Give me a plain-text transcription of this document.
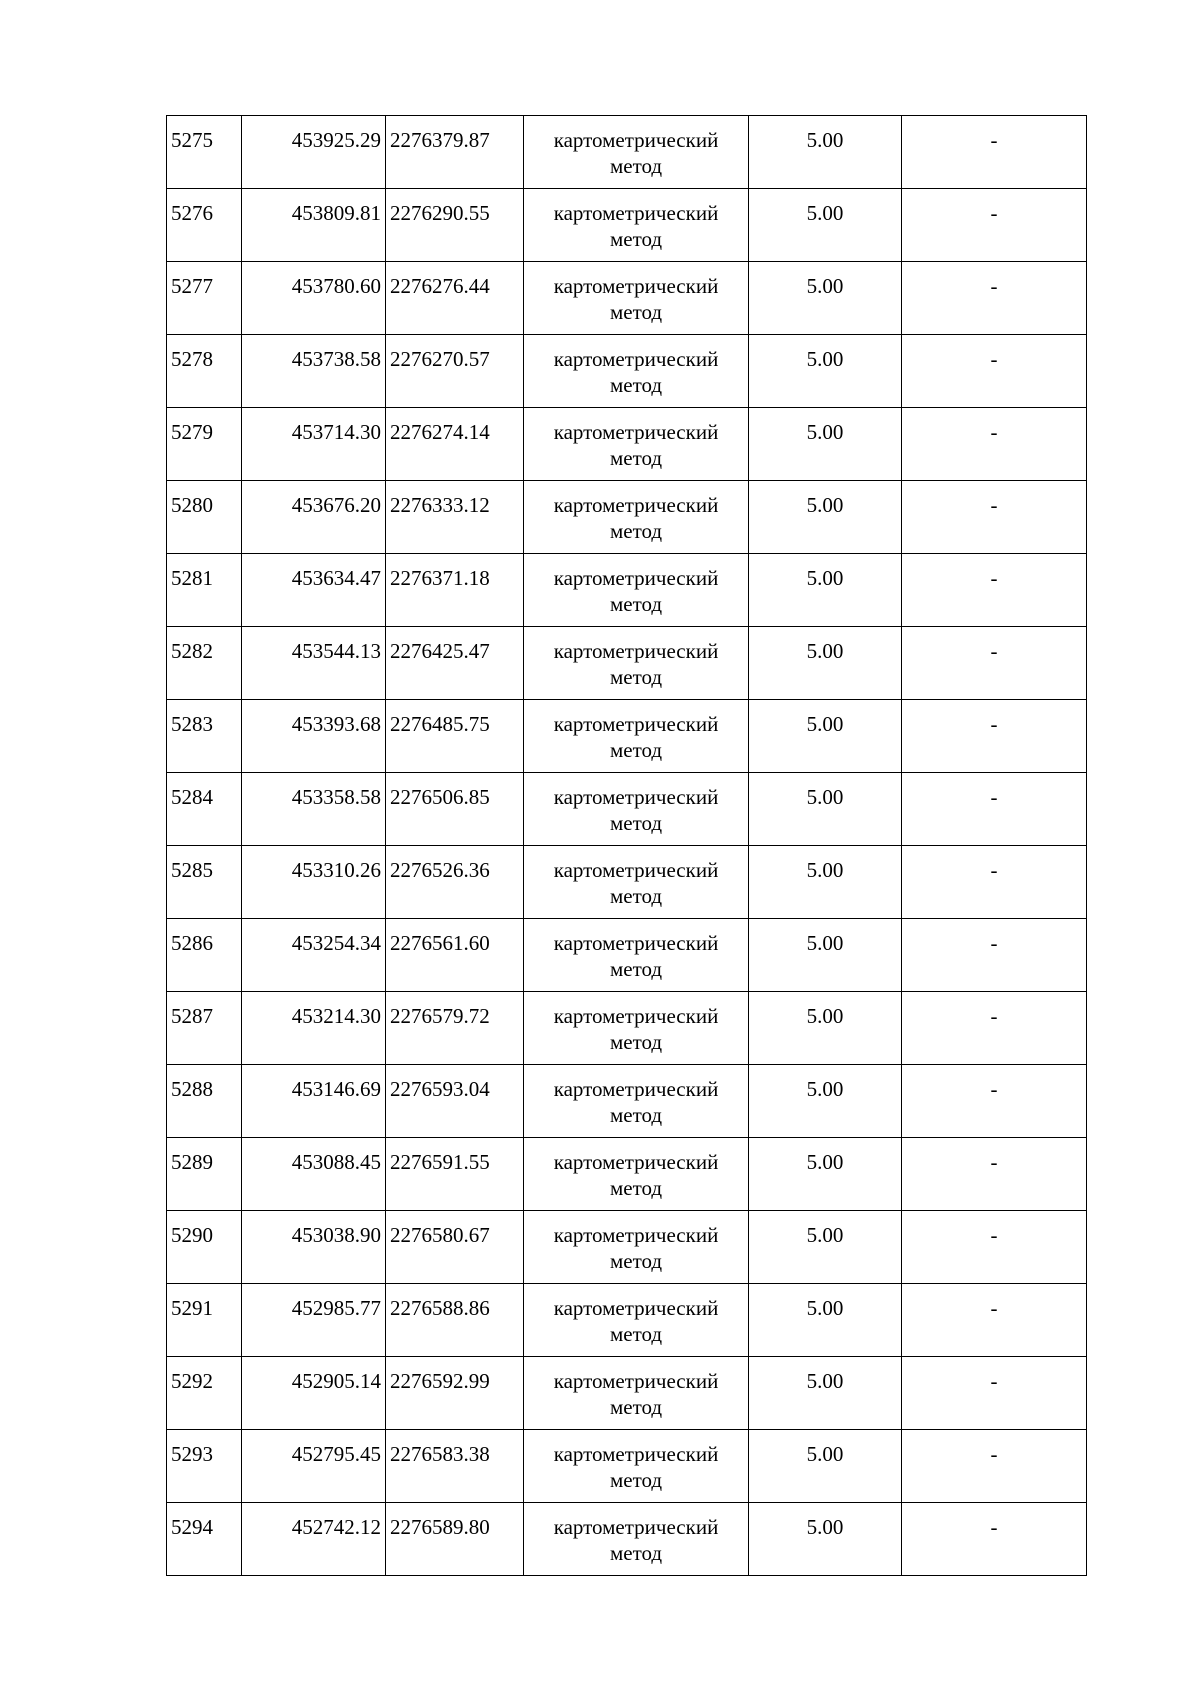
5275	453925.29	2276379.87	картометрический метод	5.00	-
5276	453809.81	2276290.55	картометрический метод	5.00	-
5277	453780.60	2276276.44	картометрический метод	5.00	-
5278	453738.58	2276270.57	картометрический метод	5.00	-
5279	453714.30	2276274.14	картометрический метод	5.00	-
5280	453676.20	2276333.12	картометрический метод	5.00	-
5281	453634.47	2276371.18	картометрический метод	5.00	-
5282	453544.13	2276425.47	картометрический метод	5.00	-
5283	453393.68	2276485.75	картометрический метод	5.00	-
5284	453358.58	2276506.85	картометрический метод	5.00	-
5285	453310.26	2276526.36	картометрический метод	5.00	-
5286	453254.34	2276561.60	картометрический метод	5.00	-
5287	453214.30	2276579.72	картометрический метод	5.00	-
5288	453146.69	2276593.04	картометрический метод	5.00	-
5289	453088.45	2276591.55	картометрический метод	5.00	-
5290	453038.90	2276580.67	картометрический метод	5.00	-
5291	452985.77	2276588.86	картометрический метод	5.00	-
5292	452905.14	2276592.99	картометрический метод	5.00	-
5293	452795.45	2276583.38	картометрический метод	5.00	-
5294	452742.12	2276589.80	картометрический метод	5.00	-
